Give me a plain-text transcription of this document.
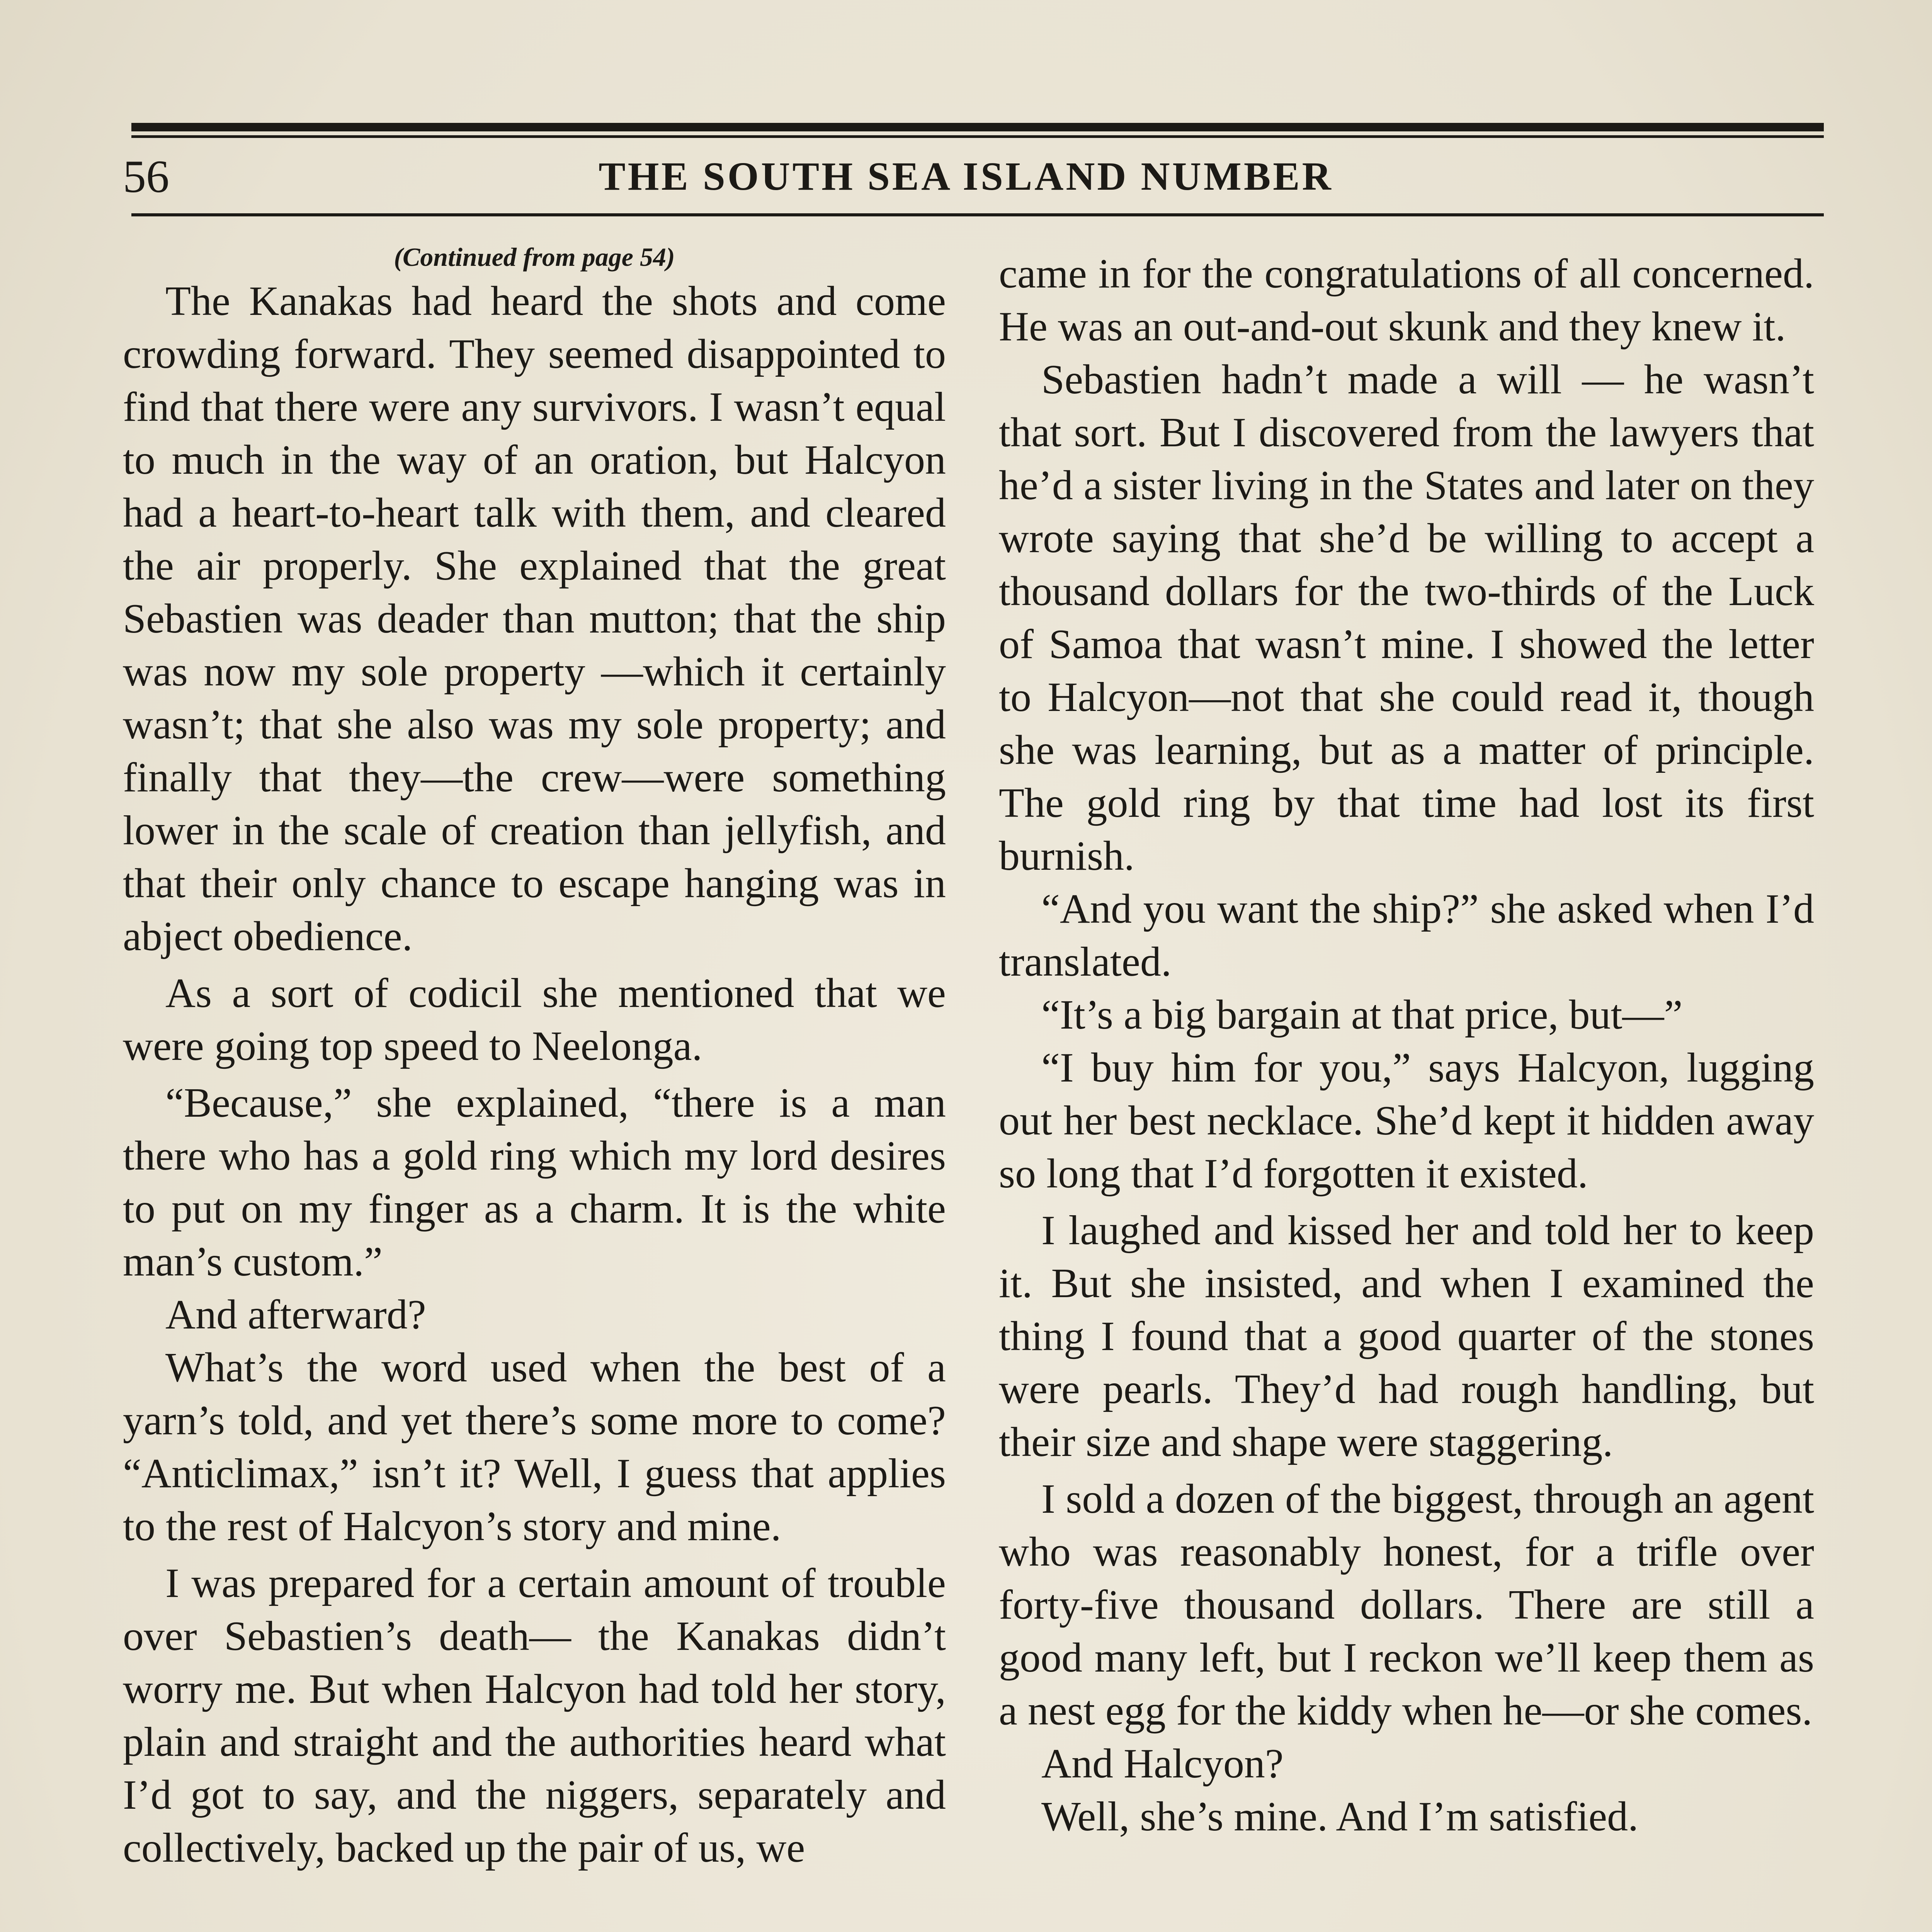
56	THE SOUTH SEA ISLAND NUMBER
(Continued from page 54)

The Kanakas had heard the shots and come crowding forward. They seemed disappointed to find that there were any survivors. I wasn’t equal to much in the way of an oration, but Halcyon had a heart-to-heart talk with them, and cleared the air properly. She explained that the great Sebastien was deader than mutton; that the ship was now my sole property —which it certainly wasn’t; that she also was my sole property; and finally that they—the crew—were something lower in the scale of creation than jellyfish, and that their only chance to escape hanging was in abject obedience.

As a sort of codicil she mentioned that we were going top speed to Neelonga.

“Because,” she explained, “there is a man there who has a gold ring which my lord desires to put on my finger as a charm. It is the white man’s custom.”

And afterward?

What’s the word used when the best of a yarn’s told, and yet there’s some more to come? “Anticlimax,” isn’t it? Well, I guess that applies to the rest of Halcyon’s story and mine.

I was prepared for a certain amount of trouble over Sebastien’s death— the Kanakas didn’t worry me. But when Halcyon had told her story, plain and straight and the authorities heard what I’d got to say, and the niggers, separately and collectively, backed up the pair of us, we

came in for the congratulations of all concerned. He was an out-and-out skunk and they knew it.

Sebastien hadn’t made a will — he wasn’t that sort. But I discovered from the lawyers that he’d a sister living in the States and later on they wrote saying that she’d be willing to accept a thousand dollars for the two-thirds of the Luck of Samoa that wasn’t mine. I showed the letter to Halcyon—not that she could read it, though she was learning, but as a matter of principle. The gold ring by that time had lost its first burnish.

“And you want the ship?” she asked when I’d translated.

“It’s a big bargain at that price, but—”

“I buy him for you,” says Halcyon, lugging out her best necklace. She’d kept it hidden away so long that I’d forgotten it existed.

I laughed and kissed her and told her to keep it. But she insisted, and when I examined the thing I found that a good quarter of the stones were pearls. They’d had rough handling, but their size and shape were staggering.

I sold a dozen of the biggest, through an agent who was reasonably honest, for a trifle over forty-five thousand dollars. There are still a good many left, but I reckon we’ll keep them as a nest egg for the kiddy when he—or she comes.

And Halcyon?

Well, she’s mine. And I’m satisfied.
